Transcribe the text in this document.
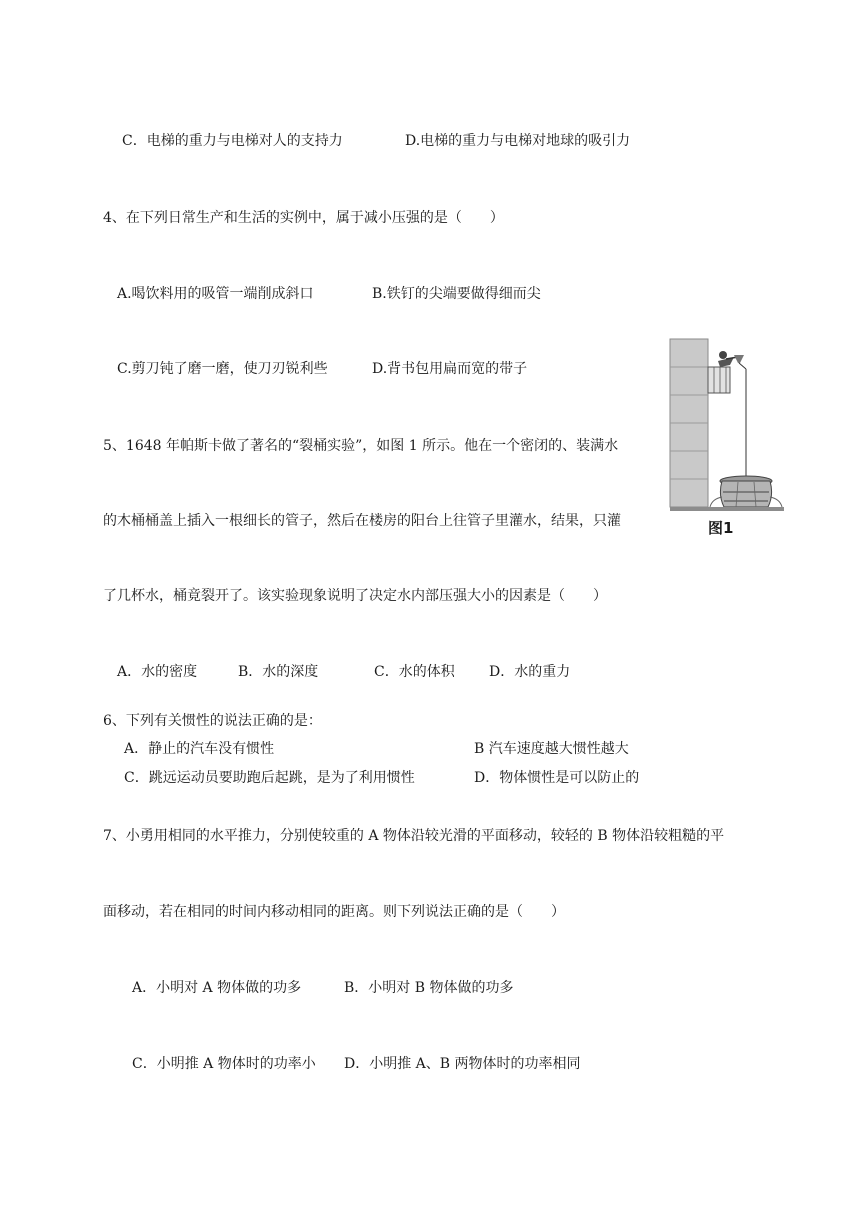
C．电梯的重力与电梯对人的支持力	D.电梯的重力与电梯对地球的吸引力
4、在下列日常生产和生活的实例中，属于减小压强的是（　　）
A.喝饮料用的吸管一端削成斜口	B.铁钉的尖端要做得细而尖
C.剪刀钝了磨一磨，使刀刃锐利些	D.背书包用扁而宽的带子
5、1648 年帕斯卡做了著名的“裂桶实验”，如图 1 所示。他在一个密闭的、装满水
的木桶桶盖上插入一根细长的管子，然后在楼房的阳台上往管子里灌水，结果，只灌
了几杯水，桶竟裂开了。该实验现象说明了决定水内部压强大小的因素是（　　）
A．水的密度	B．水的深度	C．水的体积 D．水的重力
图1
6、下列有关惯性的说法正确的是：
A．静止的汽车没有惯性	B 汽车速度越大惯性越大
C．跳远运动员要助跑后起跳，是为了利用惯性	D．物体惯性是可以防止的
7、小勇用相同的水平推力，分别使较重的 A 物体沿较光滑的平面移动，较轻的 B 物体沿较粗糙的平
面移动，若在相同的时间内移动相同的距离。则下列说法正确的是（　　）
A．小明对 A 物体做的功多	B．小明对 B 物体做的功多
C．小明推 A 物体时的功率小 D．小明推 A、B 两物体时的功率相同
